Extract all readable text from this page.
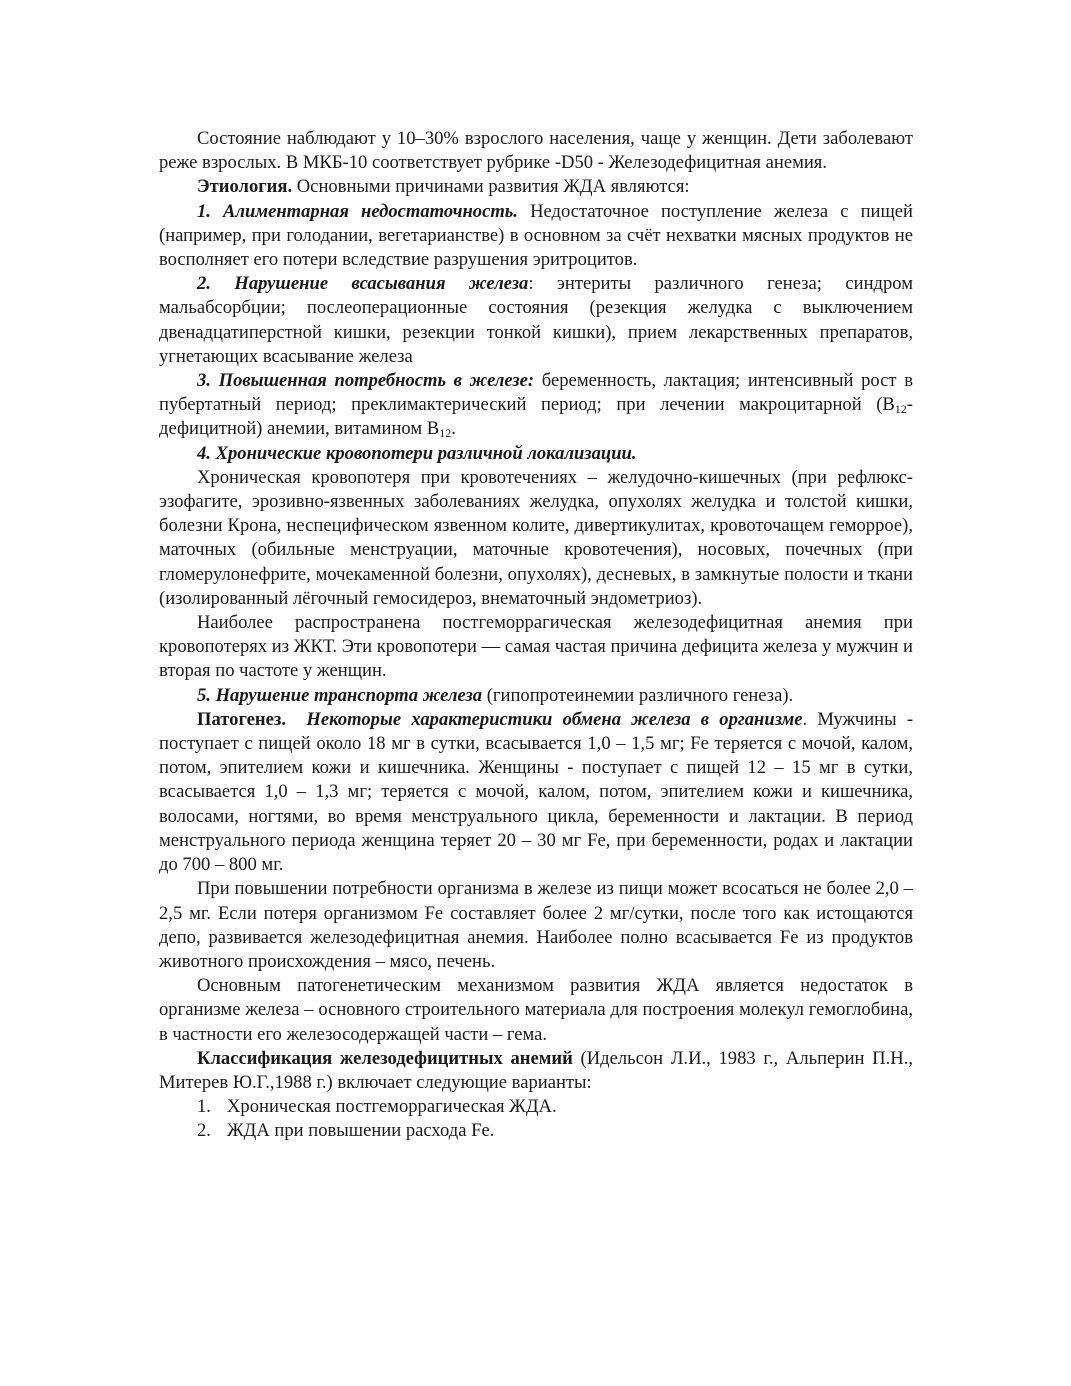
Состояние наблюдают у 10–30% взрослого населения, чаще у женщин. Дети заболевают реже взрослых. В МКБ-10 соответствует рубрике -D50 - Железодефицитная анемия.

Этиология. Основными причинами развития ЖДА являются:

1. Алиментарная недостаточность. Недостаточное поступление железа с пищей (например, при голодании, вегетарианстве) в основном за счёт нехватки мясных продуктов не восполняет его потери вследствие разрушения эритроцитов.

2. Нарушение всасывания железа: энтериты различного генеза; синдром мальабсорбции; послеоперационные состояния (резекция желудка с выключением двенадцатиперстной кишки, резекции тонкой кишки), прием лекарственных препаратов, угнетающих всасывание железа

3. Повышенная потребность в железе: беременность, лактация; интенсивный рост в пубертатный период; преклимактерический период; при лечении макроцитарной $(В_{12}-дефицитной)$ анемии, витамином $В_{12}$.

4. Хронические кровопотери различной локализации.

Хроническая кровопотеря при кровотечениях – желудочно-кишечных (при рефлюкс-эзофагите, эрозивно-язвенных заболеваниях желудка, опухолях желудка и толстой кишки, болезни Крона, неспецифическом язвенном колите, дивертикулитах, кровоточащем геморрое), маточных (обильные менструации, маточные кровотечения), носовых, почечных (при гломерулонефрите, мочекаменной болезни, опухолях), десневых, в замкнутые полости и ткани (изолированный лёгочный гемосидероз, внематочный эндометриоз).

Наиболее распространена постгеморрагическая железодефицитная анемия при кровопотерях из ЖКТ. Эти кровопотери — самая частая причина дефицита железа у мужчин и вторая по частоте у женщин.

5. Нарушение транспорта железа (гипопротеинемии различного генеза).

Патогенез. Некоторые характеристики обмена железа в организме. Мужчины - поступает с пищей около 18 мг в сутки, всасывается 1,0 – 1,5 мг; Fe теряется с мочой, калом, потом, эпителием кожи и кишечника. Женщины - поступает с пищей 12 – 15 мг в сутки, всасывается 1,0 – 1,3 мг; теряется с мочой, калом, потом, эпителием кожи и кишечника, волосами, ногтями, во время менструального цикла, беременности и лактации. В период менструального периода женщина теряет 20 – 30 мг Fe, при беременности, родах и лактации до 700 – 800 мг.

При повышении потребности организма в железе из пищи может всосаться не более 2,0 – 2,5 мг. Если потеря организмом Fe составляет более 2 мг/сутки, после того как истощаются депо, развивается железодефицитная анемия. Наиболее полно всасывается Fe из продуктов животного происхождения – мясо, печень.

Основным патогенетическим механизмом развития ЖДА является недостаток в организме железа – основного строительного материала для построения молекул гемоглобина, в частности его железосодержащей части – гема.

Классификация железодефицитных анемий (Идельсон Л.И., 1983 г., Альперин П.Н., Митерев Ю.Г.,1988 г.) включает следующие варианты:

1. Хроническая постгеморрагическая ЖДА.
2. ЖДА при повышении расхода Fe.
